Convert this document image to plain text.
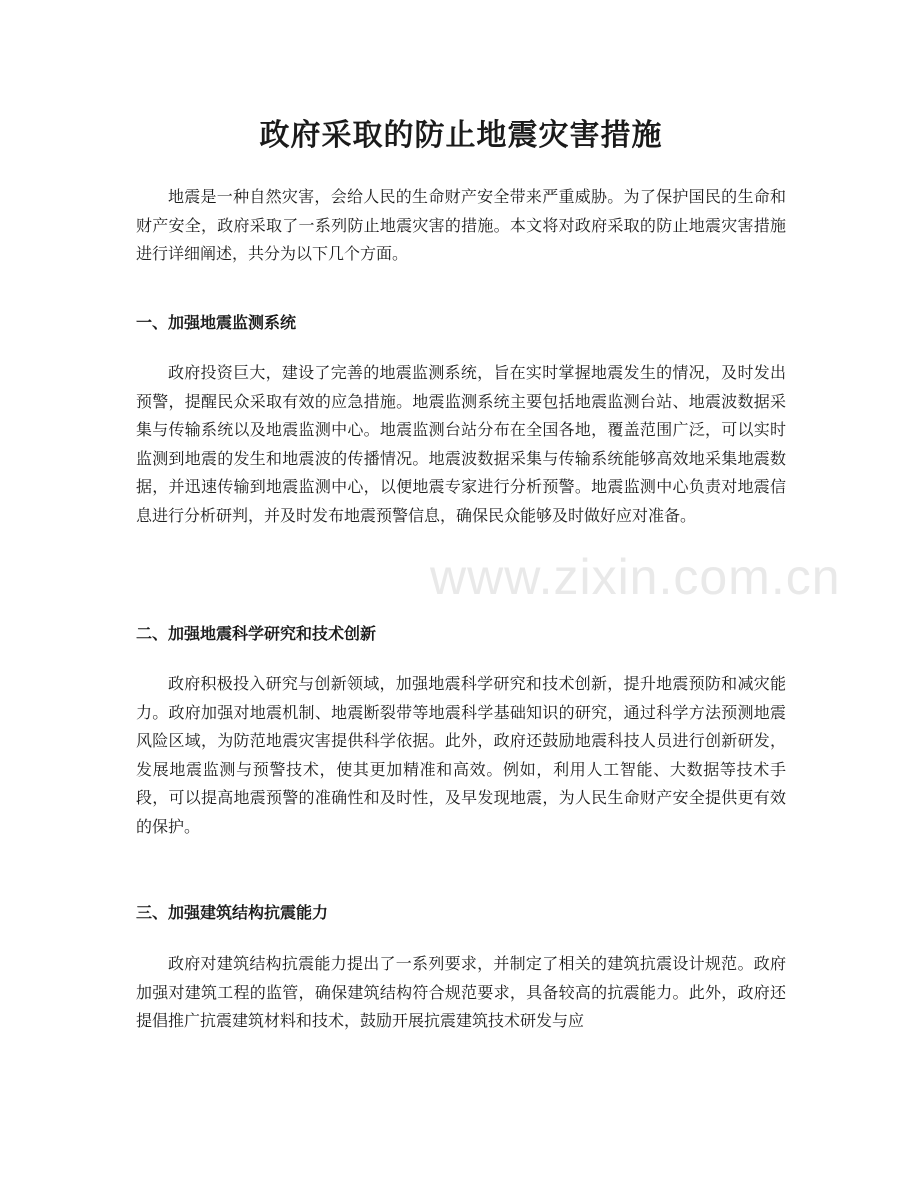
www.zixin.com.cn
政府采取的防止地震灾害措施

地震是一种自然灾害，会给人民的生命财产安全带来严重威胁。为了保护国民的生命和财产安全，政府采取了一系列防止地震灾害的措施。本文将对政府采取的防止地震灾害措施进行详细阐述，共分为以下几个方面。

一、加强地震监测系统

政府投资巨大，建设了完善的地震监测系统，旨在实时掌握地震发生的情况，及时发出预警，提醒民众采取有效的应急措施。地震监测系统主要包括地震监测台站、地震波数据采集与传输系统以及地震监测中心。地震监测台站分布在全国各地，覆盖范围广泛，可以实时监测到地震的发生和地震波的传播情况。地震波数据采集与传输系统能够高效地采集地震数据，并迅速传输到地震监测中心，以便地震专家进行分析预警。地震监测中心负责对地震信息进行分析研判，并及时发布地震预警信息，确保民众能够及时做好应对准备。

二、加强地震科学研究和技术创新

政府积极投入研究与创新领域，加强地震科学研究和技术创新，提升地震预防和减灾能力。政府加强对地震机制、地震断裂带等地震科学基础知识的研究，通过科学方法预测地震风险区域，为防范地震灾害提供科学依据。此外，政府还鼓励地震科技人员进行创新研发，发展地震监测与预警技术，使其更加精准和高效。例如，利用人工智能、大数据等技术手段，可以提高地震预警的准确性和及时性，及早发现地震，为人民生命财产安全提供更有效的保护。

三、加强建筑结构抗震能力

政府对建筑结构抗震能力提出了一系列要求，并制定了相关的建筑抗震设计规范。政府加强对建筑工程的监管，确保建筑结构符合规范要求，具备较高的抗震能力。此外，政府还提倡推广抗震建筑材料和技术，鼓励开展抗震建筑技术研发与应
